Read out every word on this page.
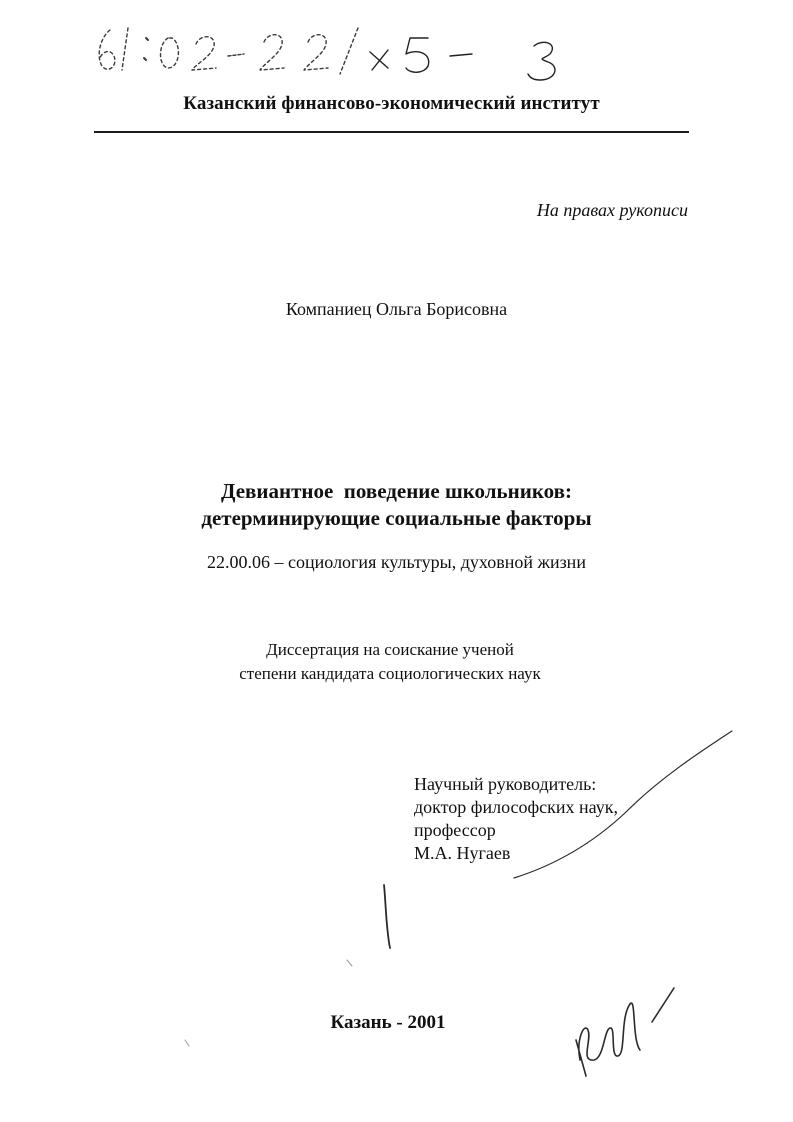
Казанский финансово-экономический институт
На правах рукописи
Компаниец Ольга Борисовна
Девиантное  поведение школьников:
детерминирующие социальные факторы
22.00.06 – социология культуры, духовной жизни
Диссертация на соискание ученой
степени кандидата социологических наук
Научный руководитель:
доктор философских наук,
профессор
М.А. Нугаев
Казань - 2001
